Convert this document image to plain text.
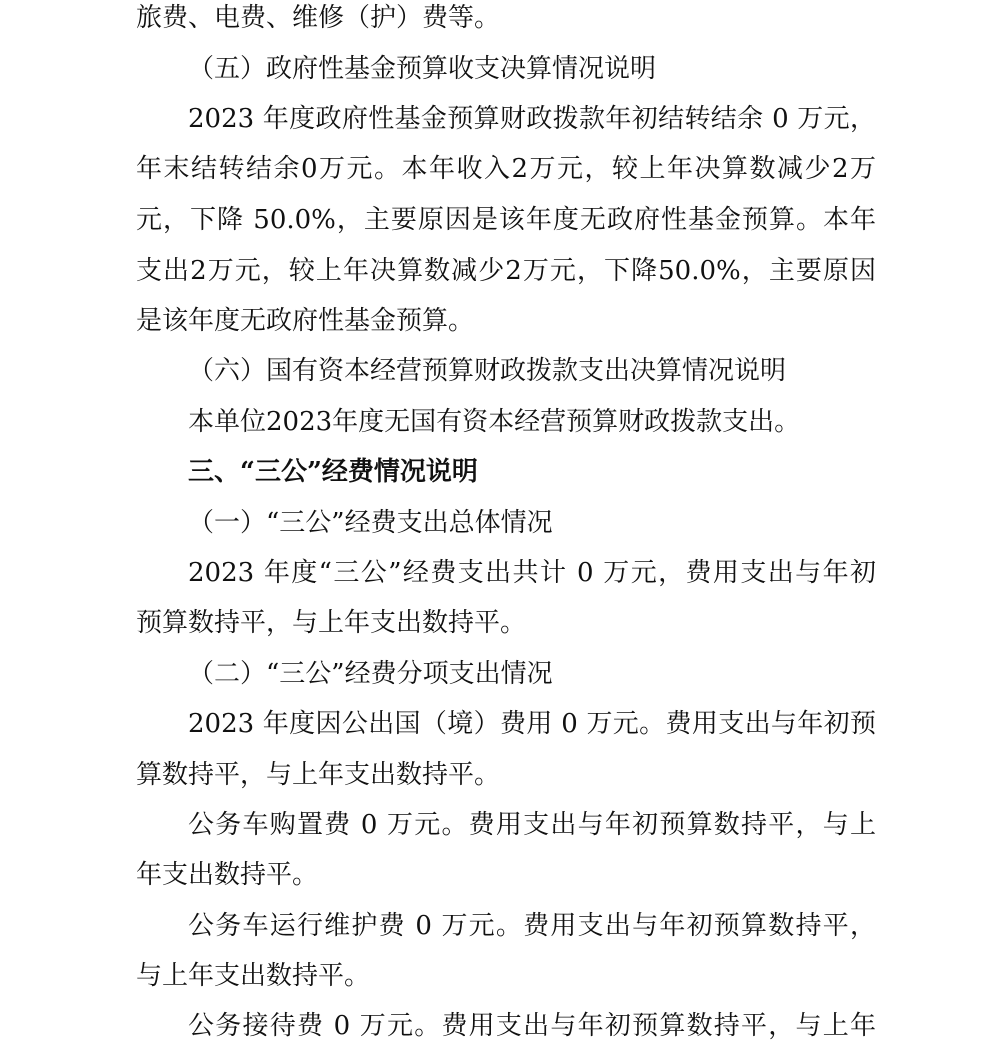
旅费、电费、维修（护）费等。
（五）政府性基金预算收支决算情况说明
2023 年度政府性基金预算财政拨款年初结转结余 0 万元，
年末结转结余0万元。本年收入2万元，较上年决算数减少2万
元，下降 50.0%，主要原因是该年度无政府性基金预算。本年
支出2万元，较上年决算数减少2万元，下降50.0%，主要原因
是该年度无政府性基金预算。
（六）国有资本经营预算财政拨款支出决算情况说明
本单位2023年度无国有资本经营预算财政拨款支出。
三、“三公”经费情况说明
（一）“三公”经费支出总体情况
2023 年度“三公”经费支出共计 0 万元，费用支出与年初
预算数持平，与上年支出数持平。
（二）“三公”经费分项支出情况
2023 年度因公出国（境）费用 0 万元。费用支出与年初预
算数持平，与上年支出数持平。
公务车购置费 0 万元。费用支出与年初预算数持平，与上
年支出数持平。
公务车运行维护费 0 万元。费用支出与年初预算数持平，
与上年支出数持平。
公务接待费 0 万元。费用支出与年初预算数持平，与上年
